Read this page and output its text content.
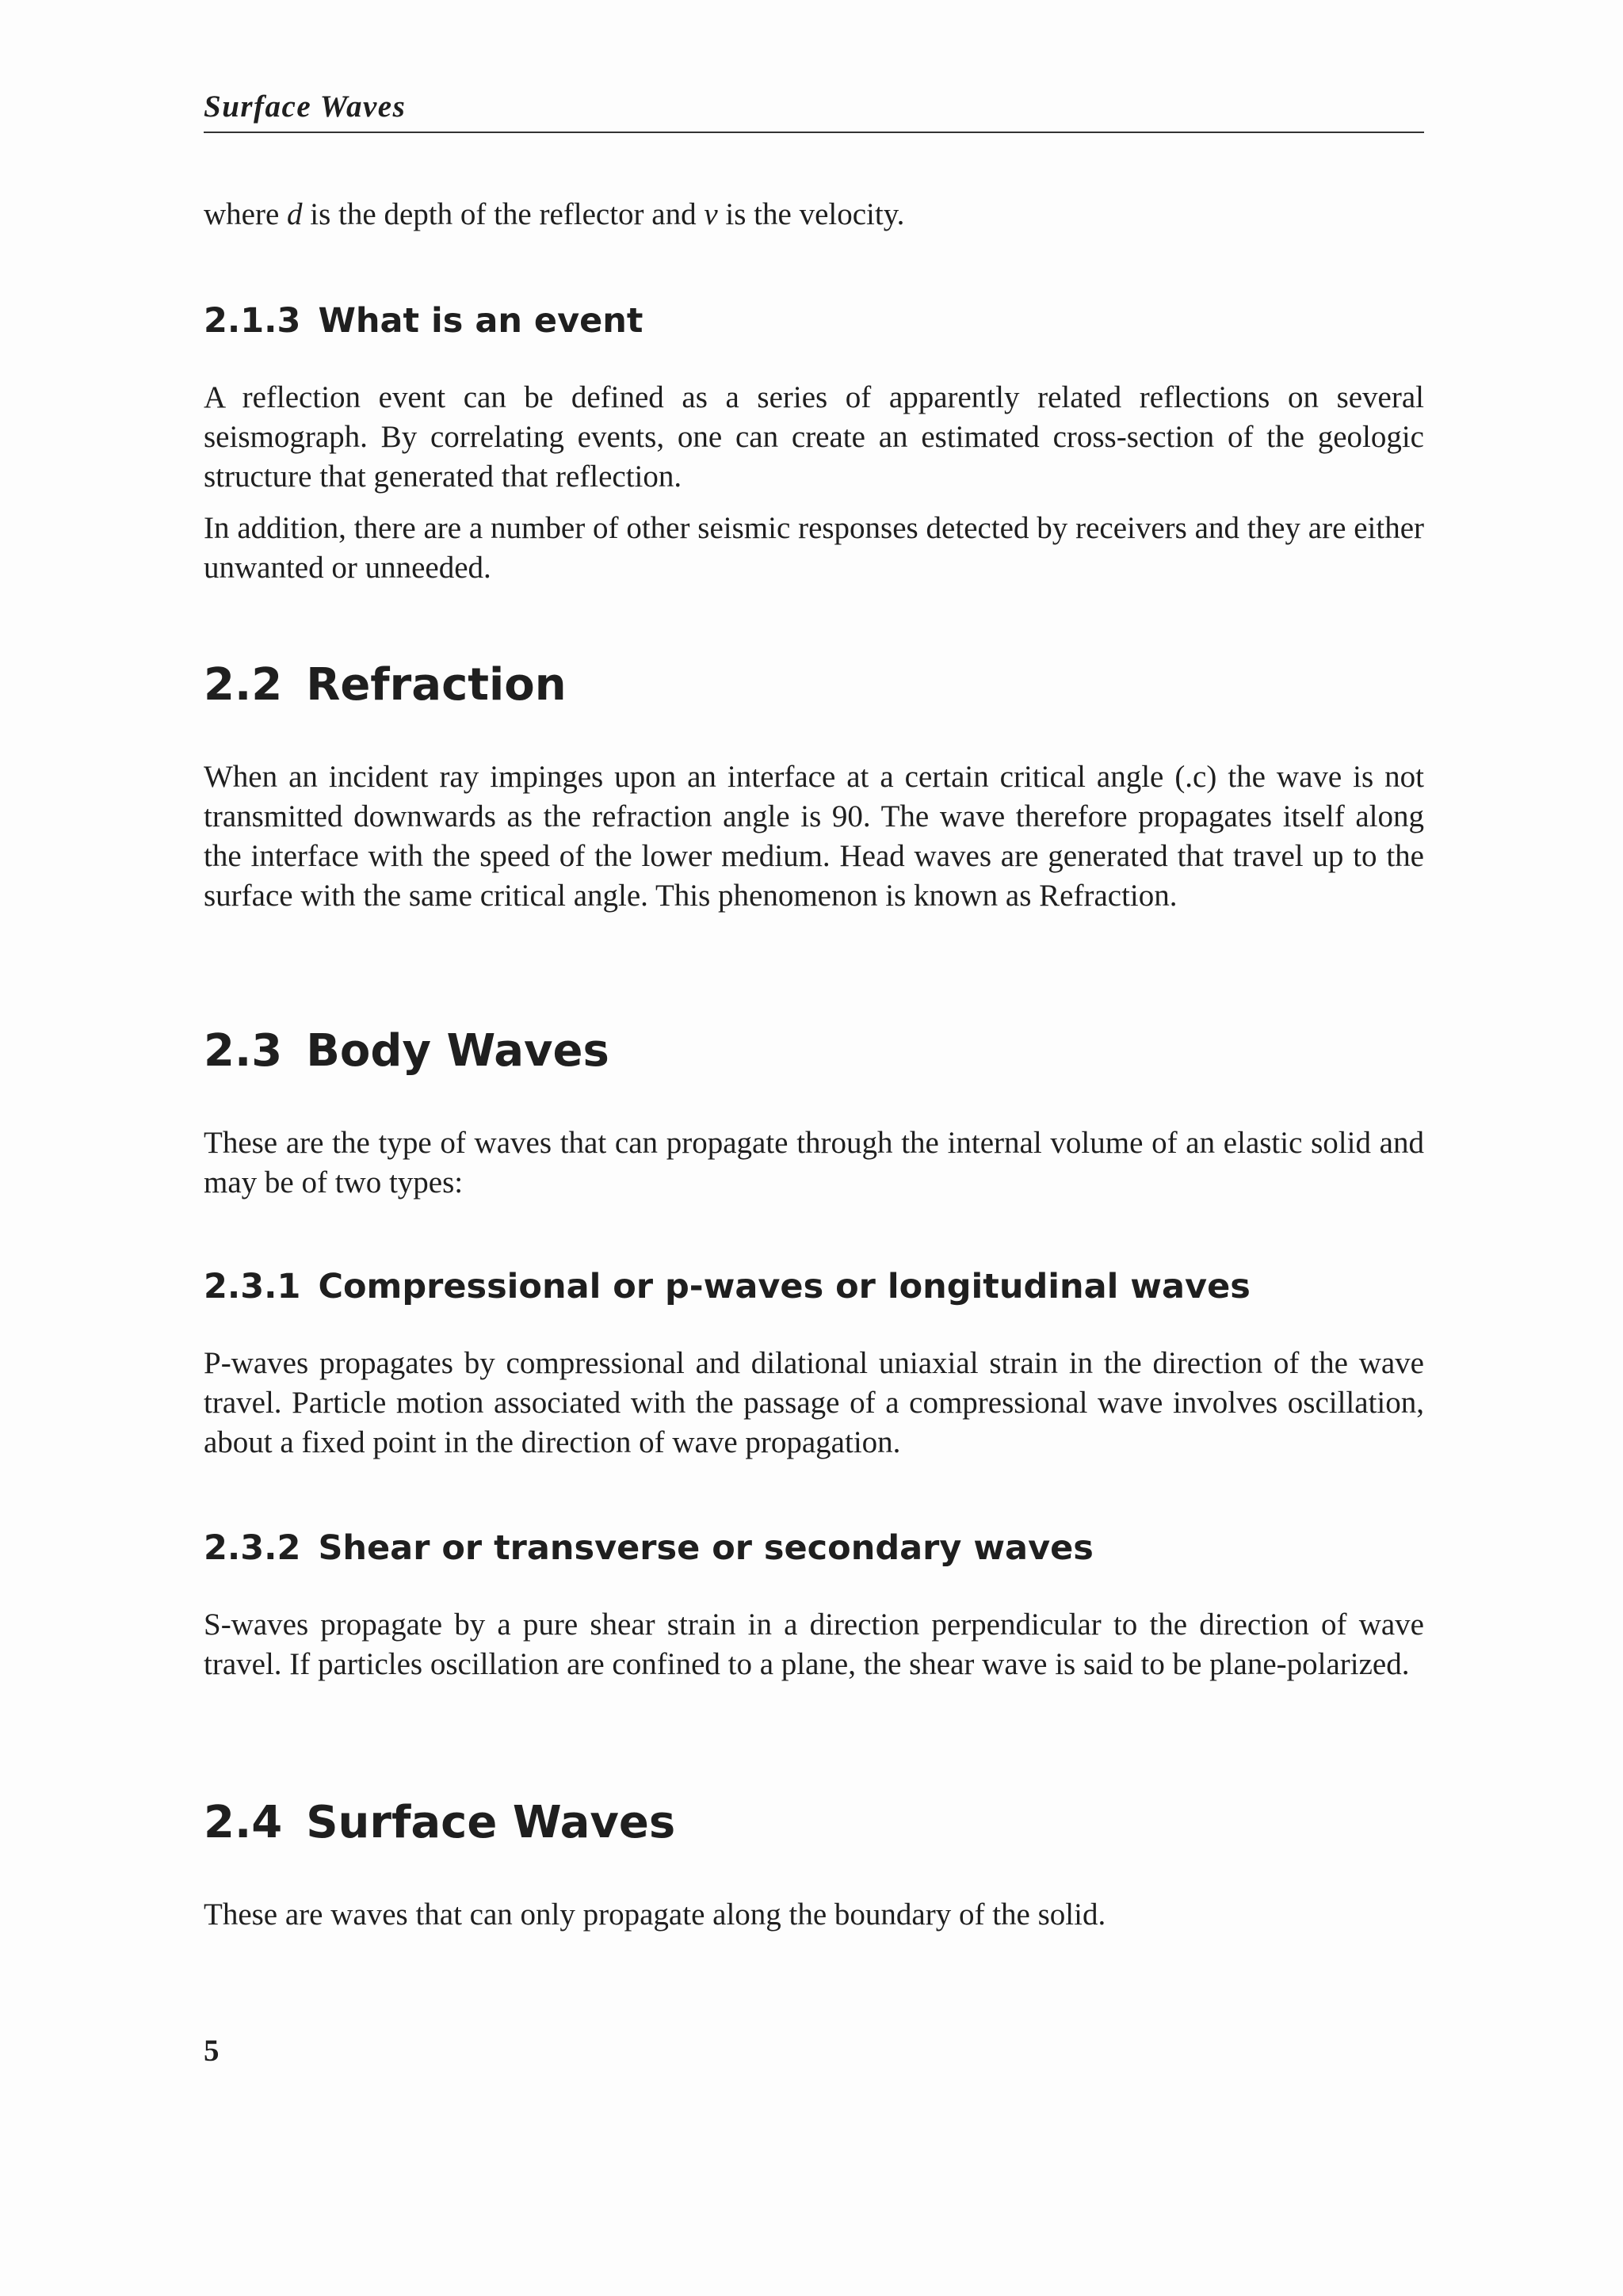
Surface Waves

where d is the depth of the reflector and v is the velocity.

2.1.3 What is an event

A reflection event can be defined as a series of apparently related reflections on several seismograph. By correlating events, one can create an estimated cross-section of the geologic structure that generated that reflection.

In addition, there are a number of other seismic responses detected by receivers and they are either unwanted or unneeded.

2.2 Refraction

When an incident ray impinges upon an interface at a certain critical angle (.c) the wave is not transmitted downwards as the refraction angle is 90. The wave therefore propagates itself along the interface with the speed of the lower medium. Head waves are generated that travel up to the surface with the same critical angle. This phenomenon is known as Refraction.

2.3 Body Waves

These are the type of waves that can propagate through the internal volume of an elastic solid and may be of two types:

2.3.1 Compressional or p-waves or longitudinal waves

P-waves propagates by compressional and dilational uniaxial strain in the direction of the wave travel. Particle motion associated with the passage of a compressional wave involves oscillation, about a fixed point in the direction of wave propagation.

2.3.2 Shear or transverse or secondary waves

S-waves propagate by a pure shear strain in a direction perpendicular to the direction of wave travel. If particles oscillation are confined to a plane, the shear wave is said to be plane-polarized.

2.4 Surface Waves

These are waves that can only propagate along the boundary of the solid.

5
